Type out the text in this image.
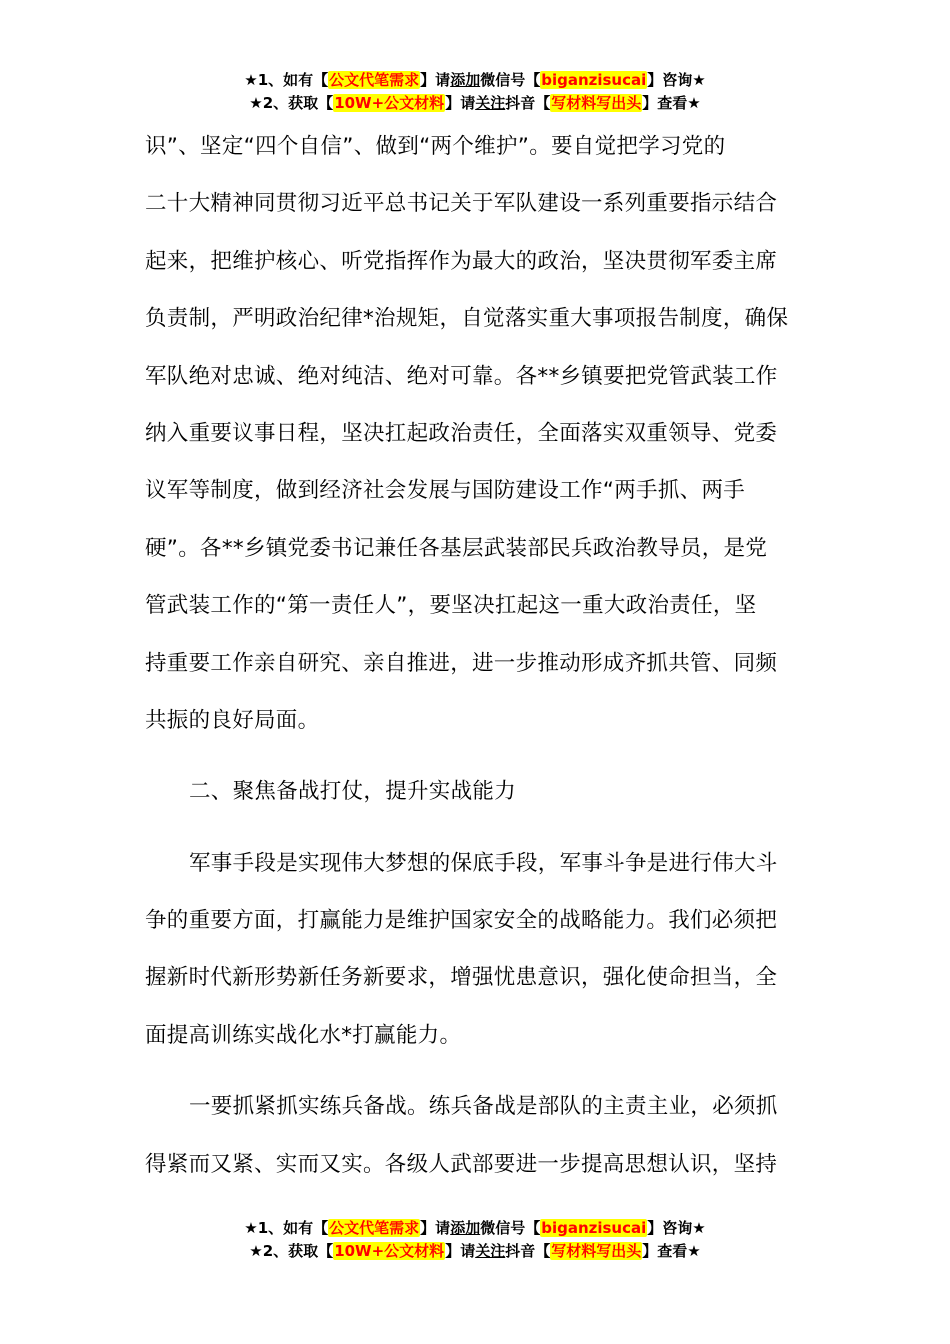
★1、如有【公文代笔需求】请添加微信号【biganzisucai】咨询★
★2、获取【10W+公文材料】请关注抖音【写材料写出头】查看★
识”、坚定“四个自信”、做到“两个维护”。要自觉把学习党的
二十大精神同贯彻习近平总书记关于军队建设一系列重要指示结合
起来，把维护核心、听党指挥作为最大的政治，坚决贯彻军委主席
负责制，严明政治纪律*治规矩，自觉落实重大事项报告制度，确保
军队绝对忠诚、绝对纯洁、绝对可靠。各**乡镇要把党管武装工作
纳入重要议事日程，坚决扛起政治责任，全面落实双重领导、党委
议军等制度，做到经济社会发展与国防建设工作“两手抓、两手
硬”。各**乡镇党委书记兼任各基层武装部民兵政治教导员，是党
管武装工作的“第一责任人”，要坚决扛起这一重大政治责任，坚
持重要工作亲自研究、亲自推进，进一步推动形成齐抓共管、同频
共振的良好局面。
二、聚焦备战打仗，提升实战能力
军事手段是实现伟大梦想的保底手段，军事斗争是进行伟大斗
争的重要方面，打赢能力是维护国家安全的战略能力。我们必须把
握新时代新形势新任务新要求，增强忧患意识，强化使命担当，全
面提高训练实战化水*打赢能力。
一要抓紧抓实练兵备战。练兵备战是部队的主责主业，必须抓
得紧而又紧、实而又实。各级人武部要进一步提高思想认识，坚持
★1、如有【公文代笔需求】请添加微信号【biganzisucai】咨询★
★2、获取【10W+公文材料】请关注抖音【写材料写出头】查看★
